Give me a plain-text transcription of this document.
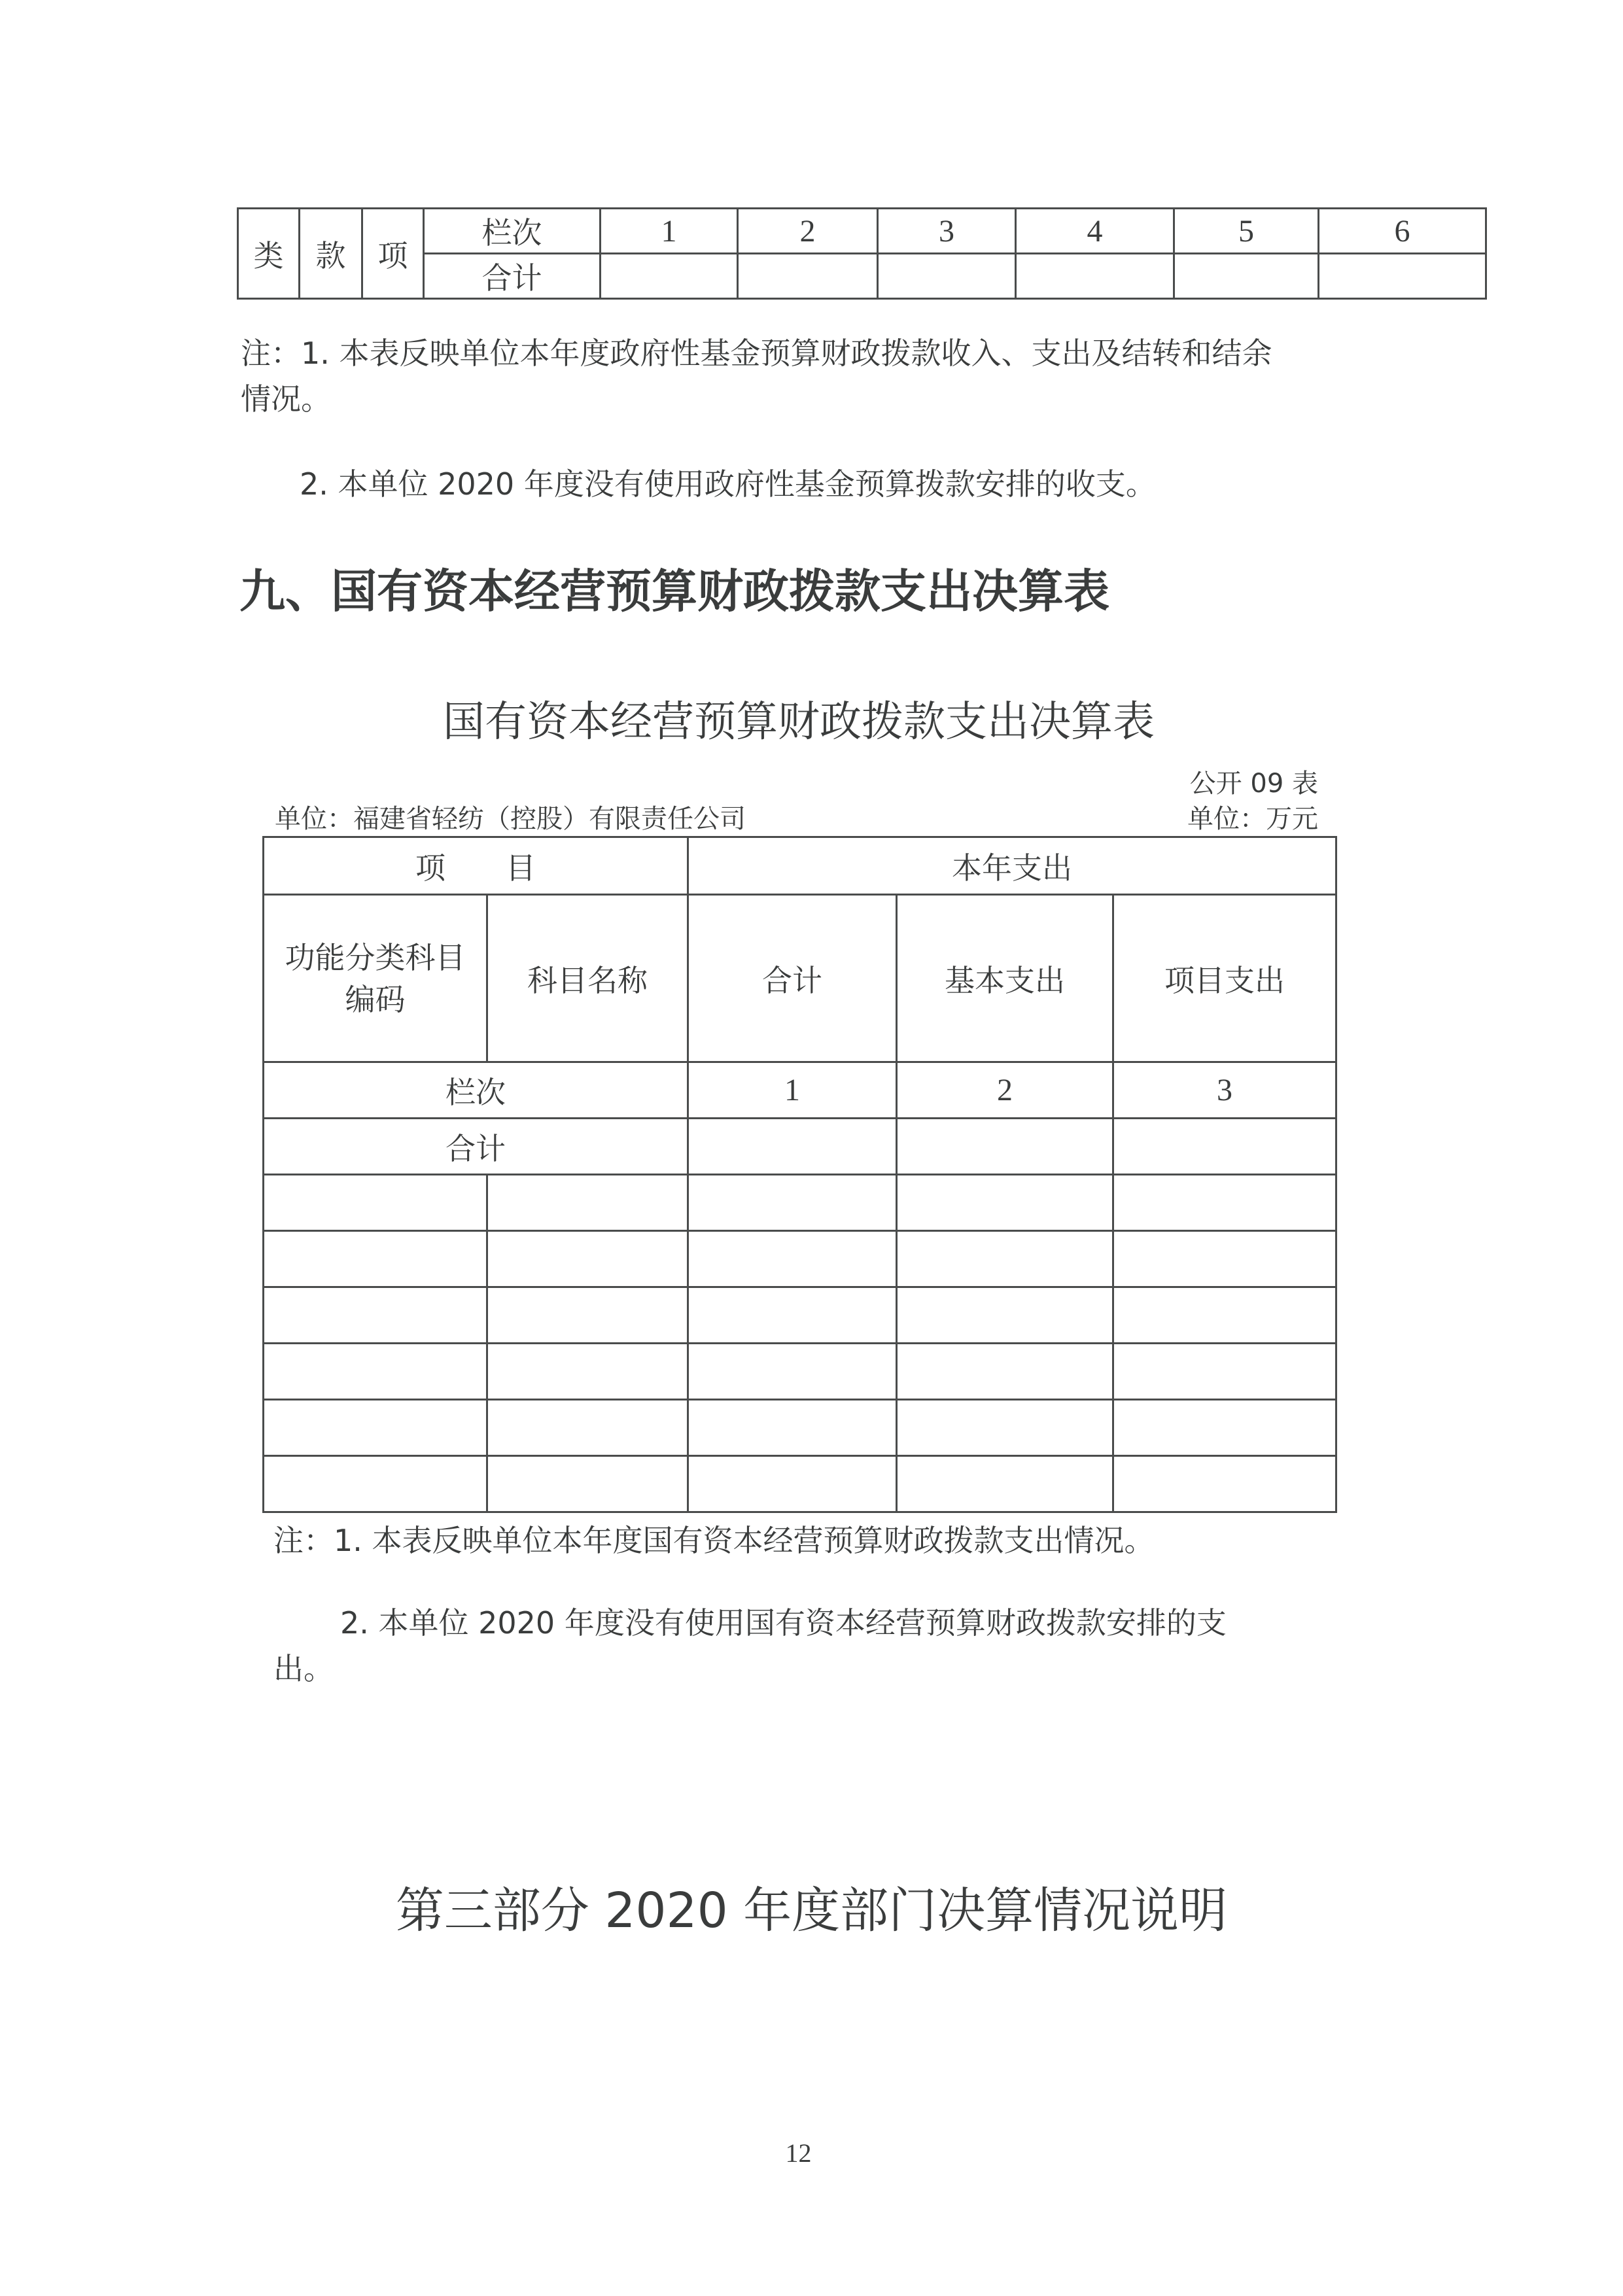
类	款	项	栏次	1	2	3	4	5	6
			合计						
注：1. 本表反映单位本年度政府性基金预算财政拨款收入、支出及结转和结余
情况。
2. 本单位 2020 年度没有使用政府性基金预算拨款安排的收支。
九、国有资本经营预算财政拨款支出决算表
国有资本经营预算财政拨款支出决算表
公开 09 表
单位：福建省轻纺（控股）有限责任公司	单位：万元
项　　目		本年支出		
功能分类科目编码	科目名称	合计	基本支出	项目支出
栏次		1	2	3
合计				

注：1. 本表反映单位本年度国有资本经营预算财政拨款支出情况。
2. 本单位 2020 年度没有使用国有资本经营预算财政拨款安排的支
出。
第三部分 2020 年度部门决算情况说明
12
